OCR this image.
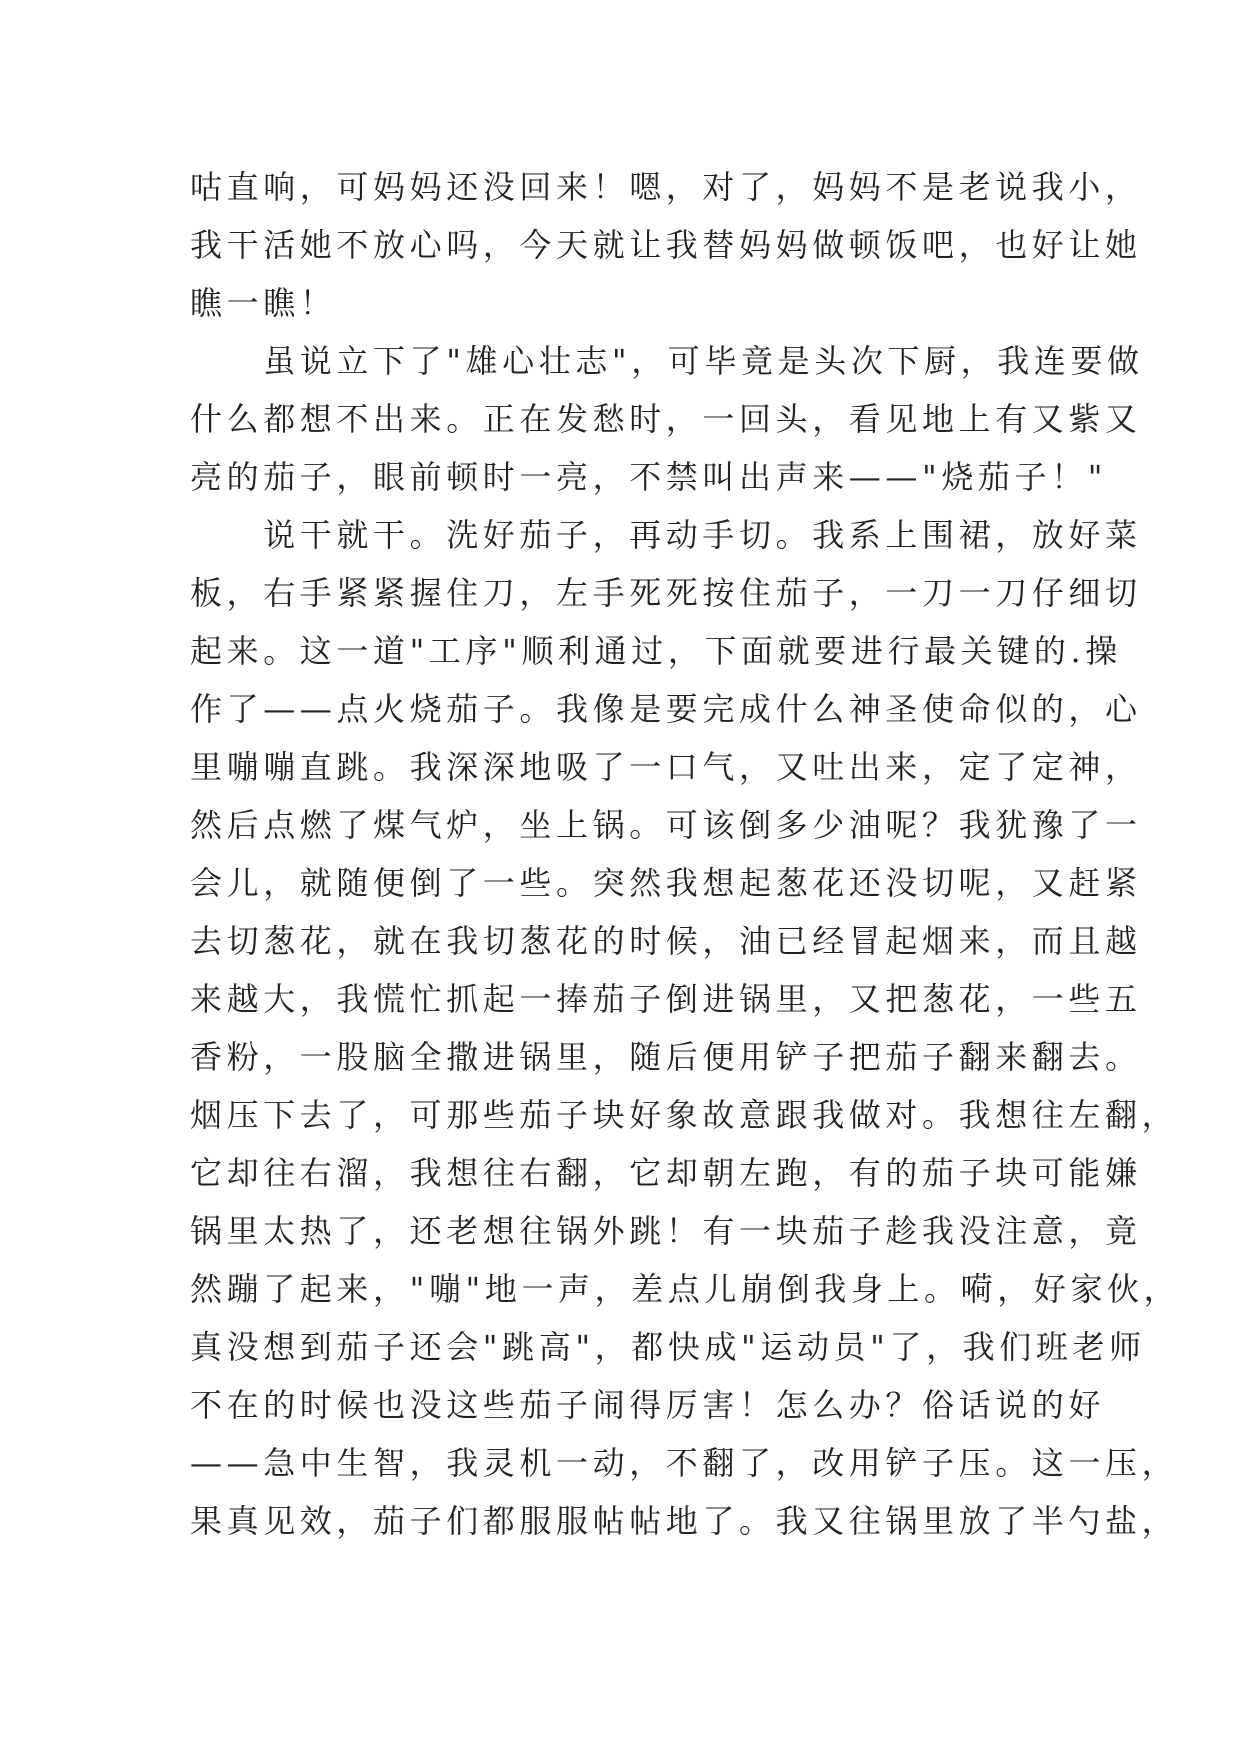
咕直响，可妈妈还没回来！嗯，对了，妈妈不是老说我小，
我干活她不放心吗，今天就让我替妈妈做顿饭吧，也好让她
瞧一瞧！
　　虽说立下了"雄心壮志"，可毕竟是头次下厨，我连要做
什么都想不出来。正在发愁时，一回头，看见地上有又紫又
亮的茄子，眼前顿时一亮，不禁叫出声来——"烧茄子！"
　　说干就干。洗好茄子，再动手切。我系上围裙，放好菜
板，右手紧紧握住刀，左手死死按住茄子，一刀一刀仔细切
起来。这一道"工序"顺利通过，下面就要进行最关键的.操
作了——点火烧茄子。我像是要完成什么神圣使命似的，心
里嘣嘣直跳。我深深地吸了一口气，又吐出来，定了定神，
然后点燃了煤气炉，坐上锅。可该倒多少油呢？我犹豫了一
会儿，就随便倒了一些。突然我想起葱花还没切呢，又赶紧
去切葱花，就在我切葱花的时候，油已经冒起烟来，而且越
来越大，我慌忙抓起一捧茄子倒进锅里，又把葱花，一些五
香粉，一股脑全撒进锅里，随后便用铲子把茄子翻来翻去。
烟压下去了，可那些茄子块好象故意跟我做对。我想往左翻，
它却往右溜，我想往右翻，它却朝左跑，有的茄子块可能嫌
锅里太热了，还老想往锅外跳！有一块茄子趁我没注意，竟
然蹦了起来，"嘣"地一声，差点儿崩倒我身上。嗬，好家伙，
真没想到茄子还会"跳高"，都快成"运动员"了，我们班老师
不在的时候也没这些茄子闹得厉害！怎么办？俗话说的好
——急中生智，我灵机一动，不翻了，改用铲子压。这一压，
果真见效，茄子们都服服帖帖地了。我又往锅里放了半勺盐，
